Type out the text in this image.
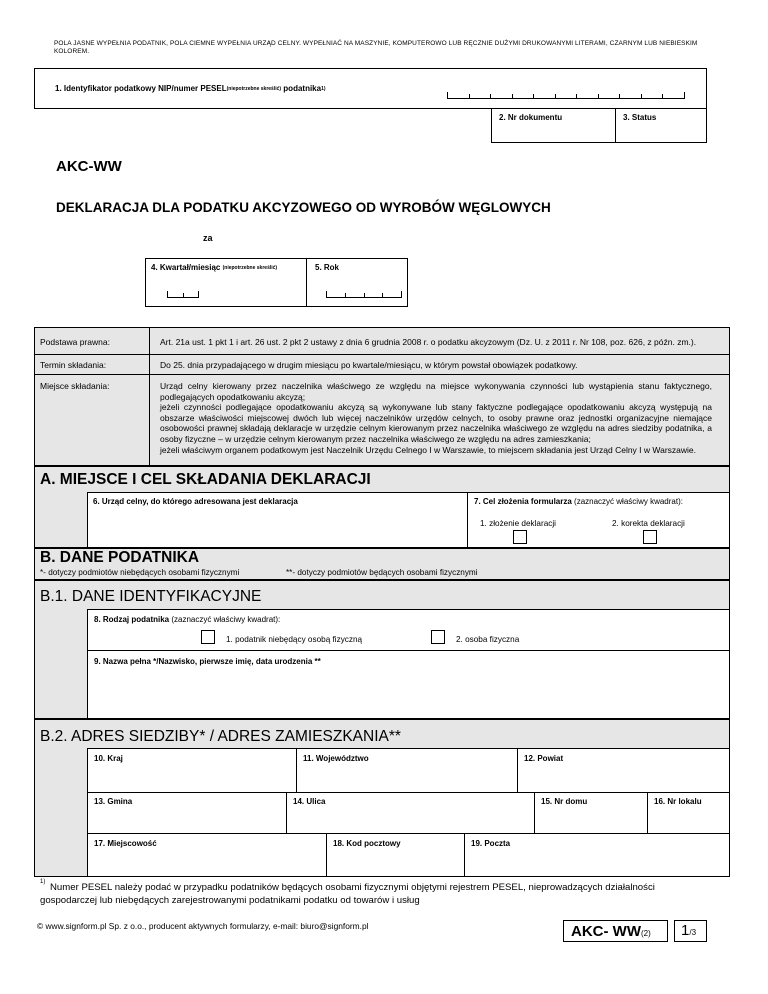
POLA JASNE WYPEŁNIA PODATNIK, POLA CIEMNE WYPEŁNIA URZĄD CELNY. WYPEŁNIAĆ NA MASZYNIE, KOMPUTEROWO LUB RĘCZNIE DUŻYMI DRUKOWANYMI LITERAMI, CZARNYM LUB NIEBIESKIM KOLOREM.
1. Identyfikator podatkowy NIP/numer $PESEL^{(niepotrzebne skreślić)}$ podatnika$^{1)}$
2. Nr dokumentu	3. Status
AKC-WW
DEKLARACJA DLA PODATKU AKCYZOWEGO OD WYROBÓW WĘGLOWYCH
za
4. Kwartał/miesiąc $^{(niepotrzebne skreślić)}$	5. Rok
Podstawa prawna:	Art. 21a ust. 1 pkt 1 i art. 26 ust. 2 pkt 2 ustawy z dnia 6 grudnia 2008 r. o podatku akcyzowym (Dz. U. z 2011 r. Nr 108, poz. 626, z późn. zm.).
Termin składania:	Do 25. dnia przypadającego w drugim miesiącu po kwartale/miesiącu, w którym powstał obowiązek podatkowy.
Miejsce składania:	Urząd celny kierowany przez naczelnika właściwego ze względu na miejsce wykonywania czynności lub wystąpienia stanu faktycznego, podlegających opodatkowaniu akcyzą;
jeżeli czynności podlegające opodatkowaniu akcyzą są wykonywane lub stany faktyczne podlegające opodatkowaniu akcyzą występują na obszarze właściwości miejscowej dwóch lub więcej naczelników urzędów celnych, to osoby prawne oraz jednostki organizacyjne niemające osobowości prawnej składają deklaracje w urzędzie celnym kierowanym przez naczelnika właściwego ze względu na adres siedziby podatnika, a osoby fizyczne – w urzędzie celnym kierowanym przez naczelnika właściwego ze względu na adres zamieszkania;
jeżeli właściwym organem podatkowym jest Naczelnik Urzędu Celnego I w Warszawie, to miejscem składania jest Urząd Celny I w Warszawie.
A. MIEJSCE I CEL SKŁADANIA DEKLARACJI
6. Urząd celny, do którego adresowana jest deklaracja	7. Cel złożenia formularza (zaznaczyć właściwy kwadrat):
1. złożenie deklaracji	2. korekta deklaracji
B. DANE PODATNIKA
*- dotyczy podmiotów niebędących osobami fizycznymi	**- dotyczy podmiotów będących osobami fizycznymi
B.1. DANE IDENTYFIKACYJNE
8. Rodzaj podatnika (zaznaczyć właściwy kwadrat):
1. podatnik niebędący osobą fizyczną	2. osoba fizyczna
9. Nazwa pełna */Nazwisko, pierwsze imię, data urodzenia **
B.2. ADRES SIEDZIBY* / ADRES ZAMIESZKANIA**
10. Kraj	11. Województwo	12. Powiat
13. Gmina	14. Ulica	15. Nr domu	16. Nr lokalu
17. Miejscowość	18. Kod pocztowy	19. Poczta
1) Numer PESEL należy podać w przypadku podatników będących osobami fizycznymi objętymi rejestrem PESEL, nieprowadzących działalności
gospodarczej lub niebędących zarejestrowanymi podatnikami podatku od towarów i usług
© www.signform.pl Sp. z o.o., producent aktywnych formularzy, e-mail: biuro@signform.pl	AKC- WW(2) 1/3
